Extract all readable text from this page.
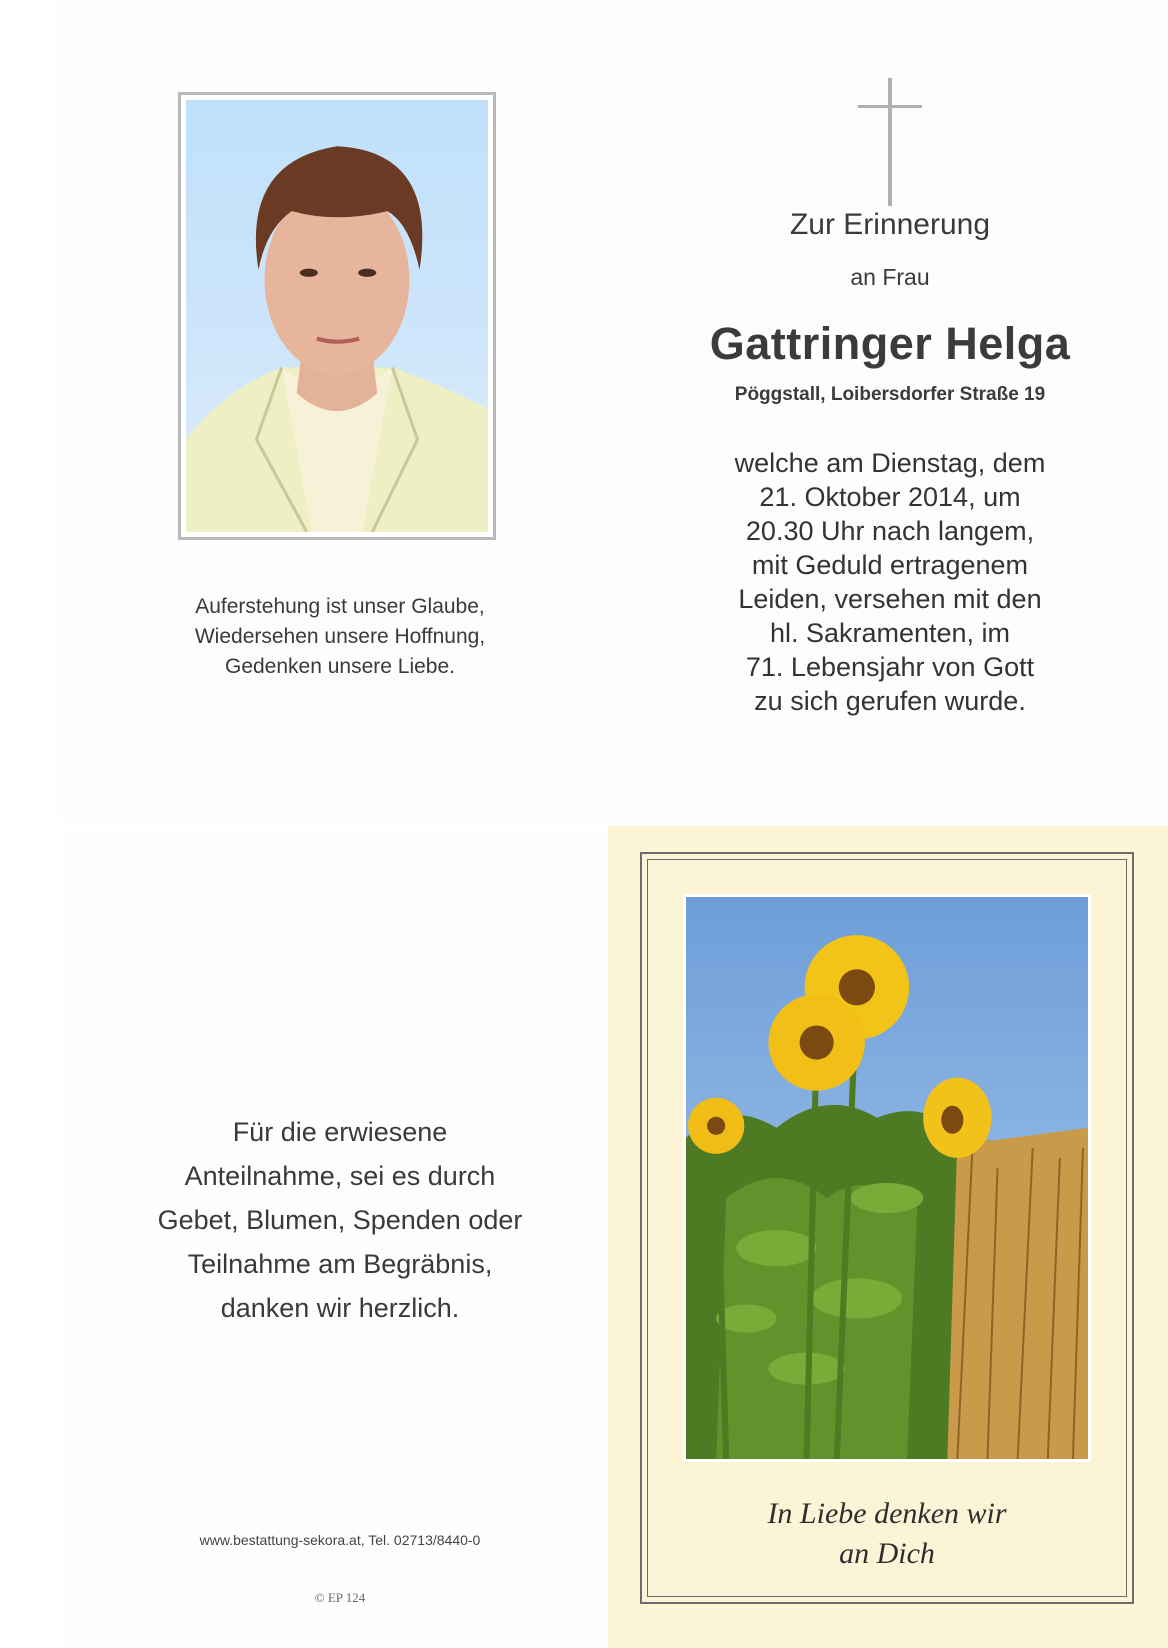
Auferstehung ist unser Glaube,
Wiedersehen unsere Hoffnung,
Gedenken unsere Liebe.
Zur Erinnerung
an Frau
Gattringer Helga
Pöggstall, Loibersdorfer Straße 19
welche am Dienstag, dem
21. Oktober 2014, um
20.30 Uhr nach langem,
mit Geduld ertragenem
Leiden, versehen mit den
hl. Sakramenten, im
71. Lebensjahr von Gott
zu sich gerufen wurde.
Für die erwiesene
Anteilnahme, sei es durch
Gebet, Blumen, Spenden oder
Teilnahme am Begräbnis,
danken wir herzlich.
www.bestattung-sekora.at, Tel. 02713/8440-0
© EP 124
In Liebe denken wir
an Dich
